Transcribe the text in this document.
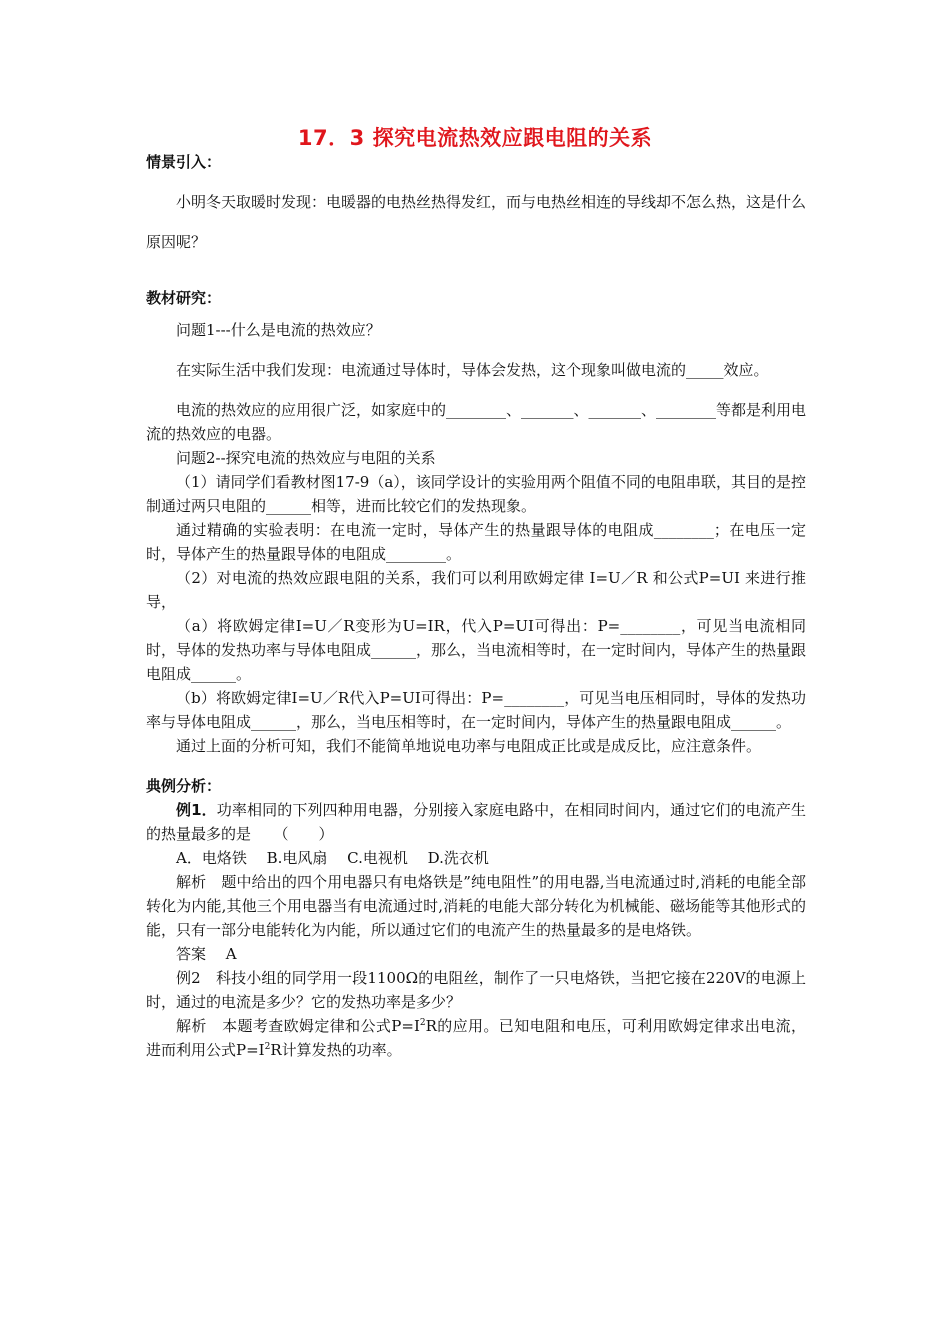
17．3 探究电流热效应跟电阻的关系
情景引入：

小明冬天取暖时发现：电暖器的电热丝热得发红，而与电热丝相连的导线却不怎么热，这是什么原因呢？

教材研究：

问题1---什么是电流的热效应？

在实际生活中我们发现：电流通过导体时，导体会发热，这个现象叫做电流的_____效应。

电流的热效应的应用很广泛，如家庭中的________、_______、_______、________等都是利用电流的热效应的电器。

问题2--探究电流的热效应与电阻的关系

（1）请同学们看教材图17-9（a），该同学设计的实验用两个阻值不同的电阻串联，其目的是控制通过两只电阻的______相等，进而比较它们的发热现象。

通过精确的实验表明：在电流一定时，导体产生的热量跟导体的电阻成________；在电压一定时，导体产生的热量跟导体的电阻成________。

（2）对电流的热效应跟电阻的关系，我们可以利用欧姆定律 I=U／R 和公式P=UI 来进行推导，

（a）将欧姆定律I=U／R变形为U=IR，代入P=UI可得出：P=________，可见当电流相同时，导体的发热功率与导体电阻成______，那么，当电流相等时，在一定时间内，导体产生的热量跟电阻成______。

（b）将欧姆定律I=U／R代入P=UI可得出：P=________，可见当电压相同时，导体的发热功率与导体电阻成______，那么，当电压相等时，在一定时间内，导体产生的热量跟电阻成______。

通过上面的分析可知，我们不能简单地说电功率与电阻成正比或是成反比，应注意条件。

典例分析：

例1．功率相同的下列四种用电器，分别接入家庭电路中，在相同时间内，通过它们的电流产生的热量最多的是　　（　　）

A．电烙铁　 B.电风扇　 C.电视机　 D.洗衣机

解析　题中给出的四个用电器只有电烙铁是”纯电阻性”的用电器,当电流通过时,消耗的电能全部转化为内能,其他三个用电器当有电流通过时,消耗的电能大部分转化为机械能、磁场能等其他形式的能，只有一部分电能转化为内能，所以通过它们的电流产生的热量最多的是电烙铁。

答案　 A

例2　科技小组的同学用一段1100Ω的电阻丝，制作了一只电烙铁，当把它接在220V的电源上时，通过的电流是多少？它的发热功率是多少？

解析　本题考查欧姆定律和公式$P=I^2R$的应用。已知电阻和电压，可利用欧姆定律求出电流，进而利用公式$P=I^2R$计算发热的功率。
